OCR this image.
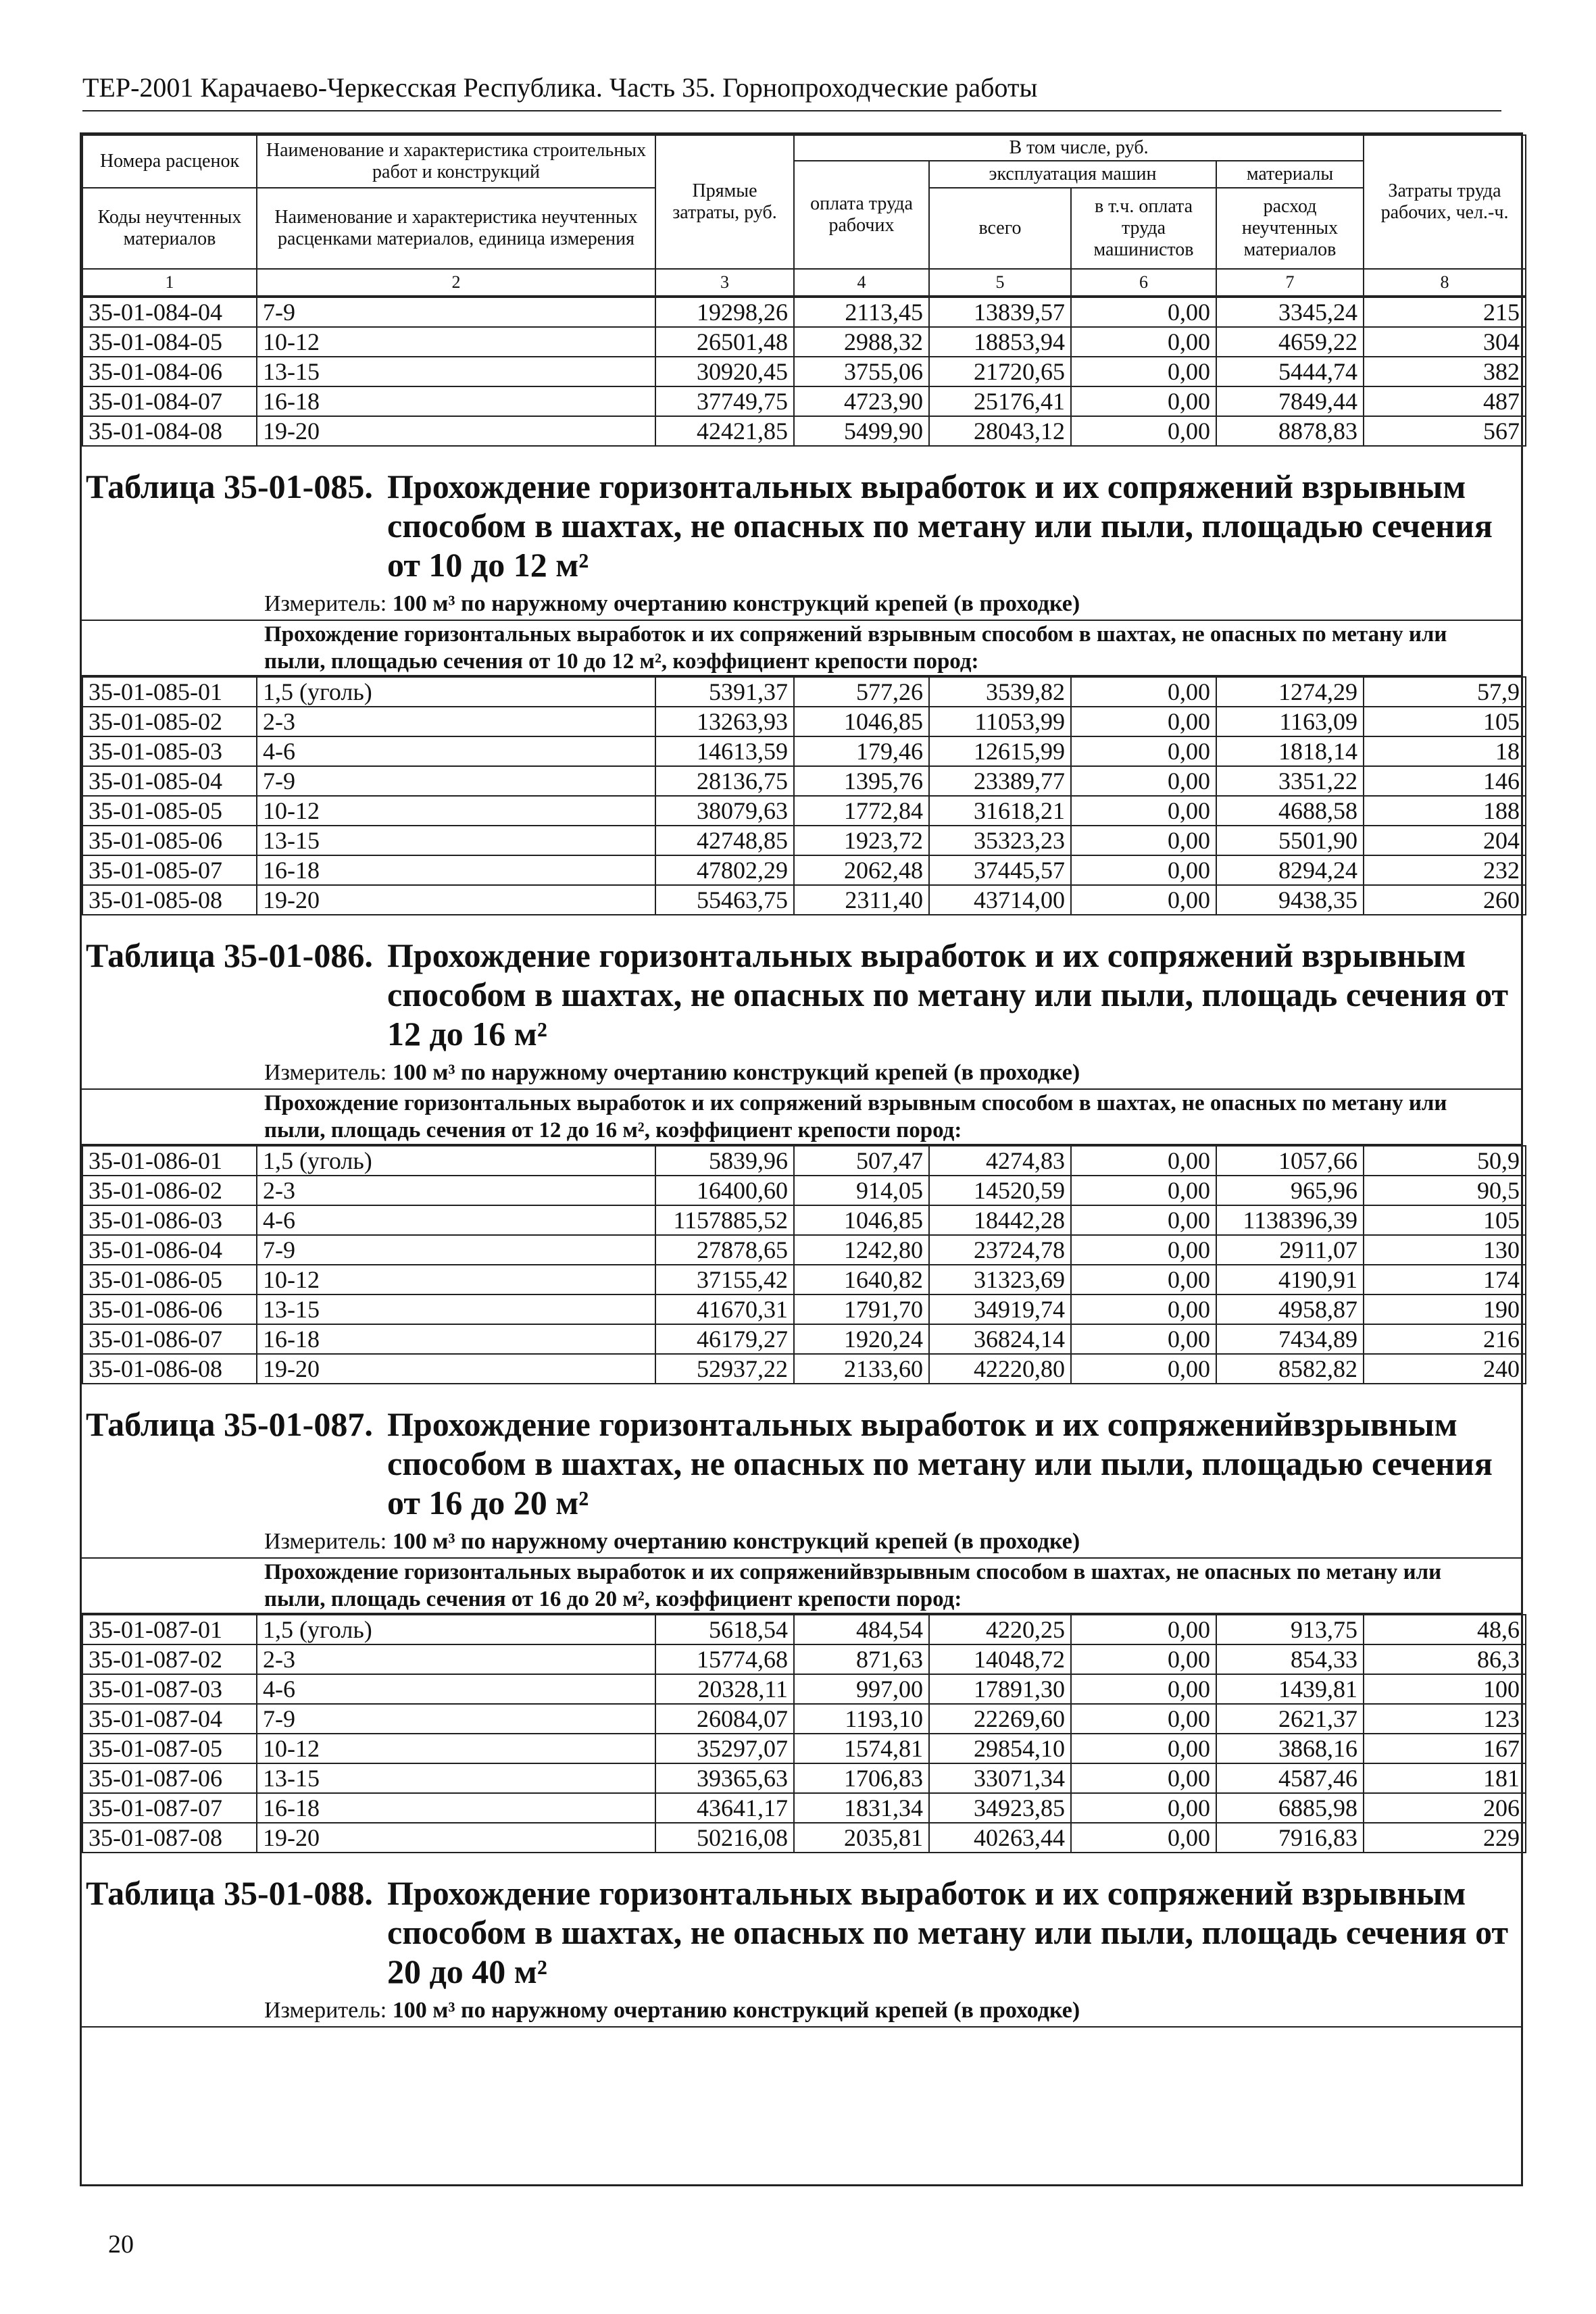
ТЕР-2001 Карачаево-Черкесская Республика. Часть 35. Горнопроходческие работы
Номера расценок	Наименование и характеристика строительных работ и конструкций	Прямые затраты, руб.	В том числе, руб.				Затраты труда рабочих, чел.-ч.
			оплата труда рабочих	эксплуатация машин		материалы	
Коды неучтенных материалов	Наименование и характеристика неучтенных расценками материалов, единица измерения			всего	в т.ч. оплата труда машинистов	расход неучтенных материалов	

1	2	3	4	5	6	7	8
35-01-084-04	7-9	19298,26	2113,45	13839,57	0,00	3345,24	215
35-01-084-05	10-12	26501,48	2988,32	18853,94	0,00	4659,22	304
35-01-084-06	13-15	30920,45	3755,06	21720,65	0,00	5444,74	382
35-01-084-07	16-18	37749,75	4723,90	25176,41	0,00	7849,44	487
35-01-084-08	19-20	42421,85	5499,90	28043,12	0,00	8878,83	567
Таблица 35-01-085. Прохождение горизонтальных выработок и их сопряжений взрывным способом в шахтах, не опасных по метану или пыли, площадью сечения от 10 до 12 м²
Измеритель: 100 м³ по наружному очертанию конструкций крепей (в проходке)
Прохождение горизонтальных выработок и их сопряжений взрывным способом в шахтах, не опасных по метану или пыли, площадью сечения от 10 до 12 м², коэффициент крепости пород:
35-01-085-01	1,5 (уголь)	5391,37	577,26	3539,82	0,00	1274,29	57,9
35-01-085-02	2-3	13263,93	1046,85	11053,99	0,00	1163,09	105
35-01-085-03	4-6	14613,59	179,46	12615,99	0,00	1818,14	18
35-01-085-04	7-9	28136,75	1395,76	23389,77	0,00	3351,22	146
35-01-085-05	10-12	38079,63	1772,84	31618,21	0,00	4688,58	188
35-01-085-06	13-15	42748,85	1923,72	35323,23	0,00	5501,90	204
35-01-085-07	16-18	47802,29	2062,48	37445,57	0,00	8294,24	232
35-01-085-08	19-20	55463,75	2311,40	43714,00	0,00	9438,35	260
Таблица 35-01-086. Прохождение горизонтальных выработок и их сопряжений взрывным способом в шахтах, не опасных по метану или пыли, площадь сечения от 12 до 16 м²
Измеритель: 100 м³ по наружному очертанию конструкций крепей (в проходке)
Прохождение горизонтальных выработок и их сопряжений взрывным способом в шахтах, не опасных по метану или пыли, площадь сечения от 12 до 16 м², коэффициент крепости пород:
35-01-086-01	1,5 (уголь)	5839,96	507,47	4274,83	0,00	1057,66	50,9
35-01-086-02	2-3	16400,60	914,05	14520,59	0,00	965,96	90,5
35-01-086-03	4-6	1157885,52	1046,85	18442,28	0,00	1138396,39	105
35-01-086-04	7-9	27878,65	1242,80	23724,78	0,00	2911,07	130
35-01-086-05	10-12	37155,42	1640,82	31323,69	0,00	4190,91	174
35-01-086-06	13-15	41670,31	1791,70	34919,74	0,00	4958,87	190
35-01-086-07	16-18	46179,27	1920,24	36824,14	0,00	7434,89	216
35-01-086-08	19-20	52937,22	2133,60	42220,80	0,00	8582,82	240
Таблица 35-01-087. Прохождение горизонтальных выработок и их сопряженийвзрывным способом в шахтах, не опасных по метану или пыли, площадью сечения от 16 до 20 м²
Измеритель: 100 м³ по наружному очертанию конструкций крепей (в проходке)
Прохождение горизонтальных выработок и их сопряженийвзрывным способом в шахтах, не опасных по метану или пыли, площадь сечения от 16 до 20 м², коэффициент крепости пород:
35-01-087-01	1,5 (уголь)	5618,54	484,54	4220,25	0,00	913,75	48,6
35-01-087-02	2-3	15774,68	871,63	14048,72	0,00	854,33	86,3
35-01-087-03	4-6	20328,11	997,00	17891,30	0,00	1439,81	100
35-01-087-04	7-9	26084,07	1193,10	22269,60	0,00	2621,37	123
35-01-087-05	10-12	35297,07	1574,81	29854,10	0,00	3868,16	167
35-01-087-06	13-15	39365,63	1706,83	33071,34	0,00	4587,46	181
35-01-087-07	16-18	43641,17	1831,34	34923,85	0,00	6885,98	206
35-01-087-08	19-20	50216,08	2035,81	40263,44	0,00	7916,83	229
Таблица 35-01-088. Прохождение горизонтальных выработок и их сопряжений взрывным способом в шахтах, не опасных по метану или пыли, площадь сечения от 20 до 40 м²
Измеритель: 100 м³ по наружному очертанию конструкций крепей (в проходке)
20
